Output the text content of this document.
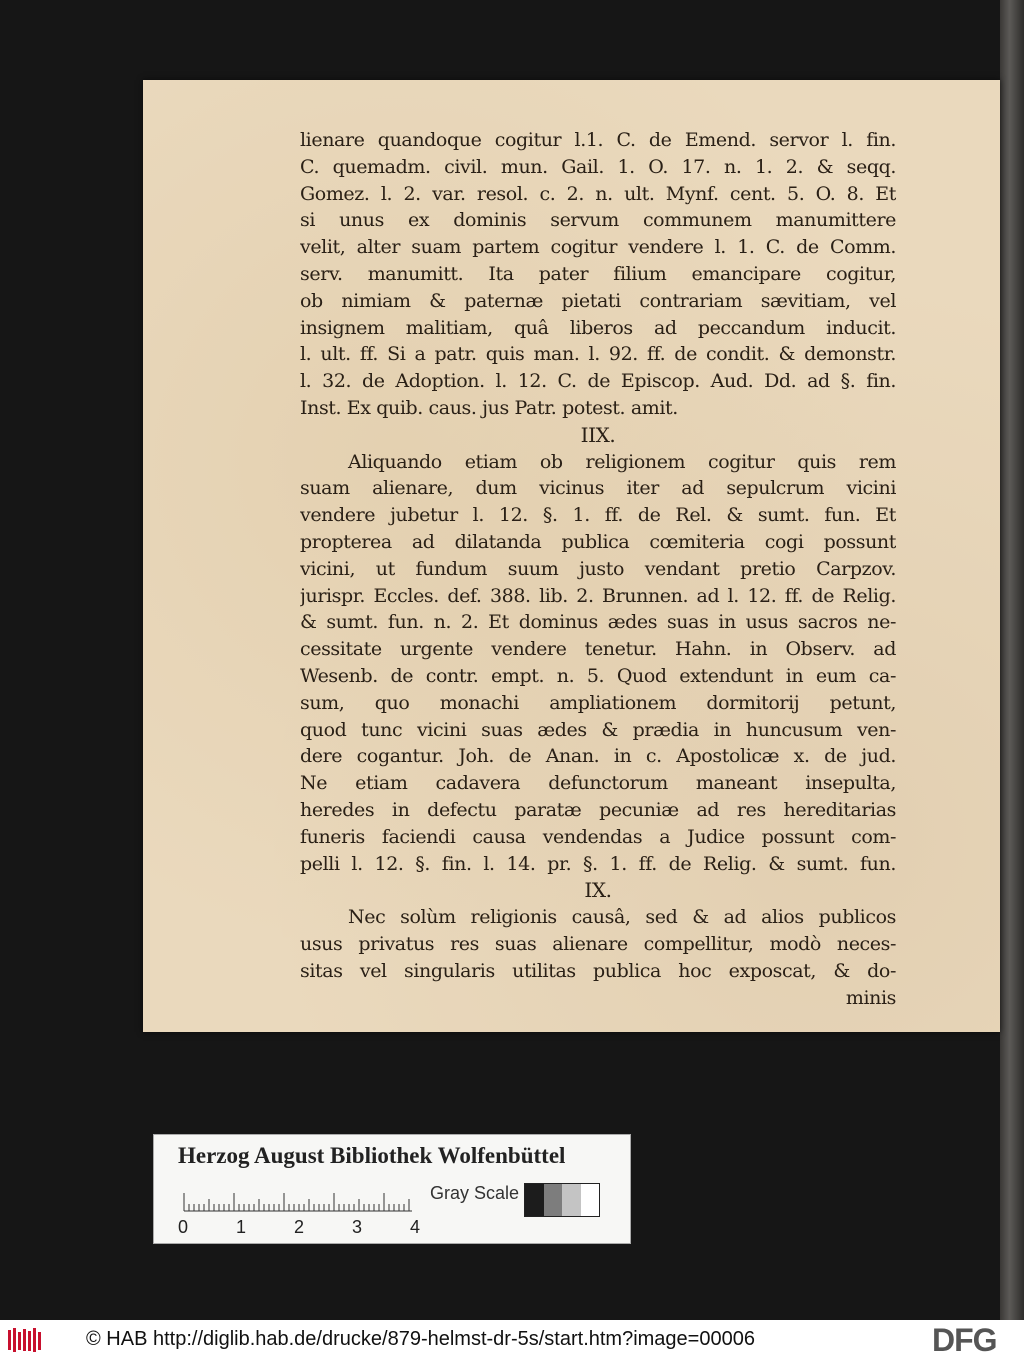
lienare quandoque cogitur l.1. C. de Emend. servor l. fin.
C. quemadm. civil. mun. Gail. 1. O. 17. n. 1. 2. & seqq.
Gomez. l. 2. var. resol. c. 2. n. ult. Mynf. cent. 5. O. 8. Et
si unus ex dominis servum communem manumittere
velit, alter suam partem cogitur vendere l. 1. C. de Comm.
serv. manumitt. Ita pater filium emancipare cogitur,
ob nimiam & paternæ pietati contrariam sævitiam, vel
insignem malitiam, quâ liberos ad peccandum inducit.
l. ult. ff. Si a patr. quis man. l. 92. ff. de condit. & demonstr.
l. 32. de Adoption. l. 12. C. de Episcop. Aud. Dd. ad §. fin.
Inst. Ex quib. caus. jus Patr. potest. amit.
IIX.
Aliquando etiam ob religionem cogitur quis rem
suam alienare, dum vicinus iter ad sepulcrum vicini
vendere jubetur l. 12. §. 1. ff. de Rel. & sumt. fun. Et
propterea ad dilatanda publica cœmiteria cogi possunt
vicini, ut fundum suum justo vendant pretio Carpzov.
jurispr. Eccles. def. 388. lib. 2. Brunnen. ad l. 12. ff. de Relig.
& sumt. fun. n. 2. Et dominus ædes suas in usus sacros ne-
cessitate urgente vendere tenetur. Hahn. in Observ. ad
Wesenb. de contr. empt. n. 5. Quod extendunt in eum ca-
sum, quo monachi ampliationem dormitorij petunt,
quod tunc vicini suas ædes & prædia in huncusum ven-
dere cogantur. Joh. de Anan. in c. Apostolicæ x. de jud.
Ne etiam cadavera defunctorum maneant insepulta,
heredes in defectu paratæ pecuniæ ad res hereditarias
funeris faciendi causa vendendas a Judice possunt com-
pelli l. 12. §. fin. l. 14. pr. §. 1. ff. de Relig. & sumt. fun.
IX.
Nec solùm religionis causâ, sed & ad alios publicos
usus privatus res suas alienare compellitur, modò neces-
sitas vel singularis utilitas publica hoc exposcat, & do-
minis
Herzog August Bibliothek Wolfenbüttel
Gray Scale
0	1	2	3	4
© HAB http://diglib.hab.de/drucke/879-helmst-dr-5s/start.htm?image=00006	DFG
